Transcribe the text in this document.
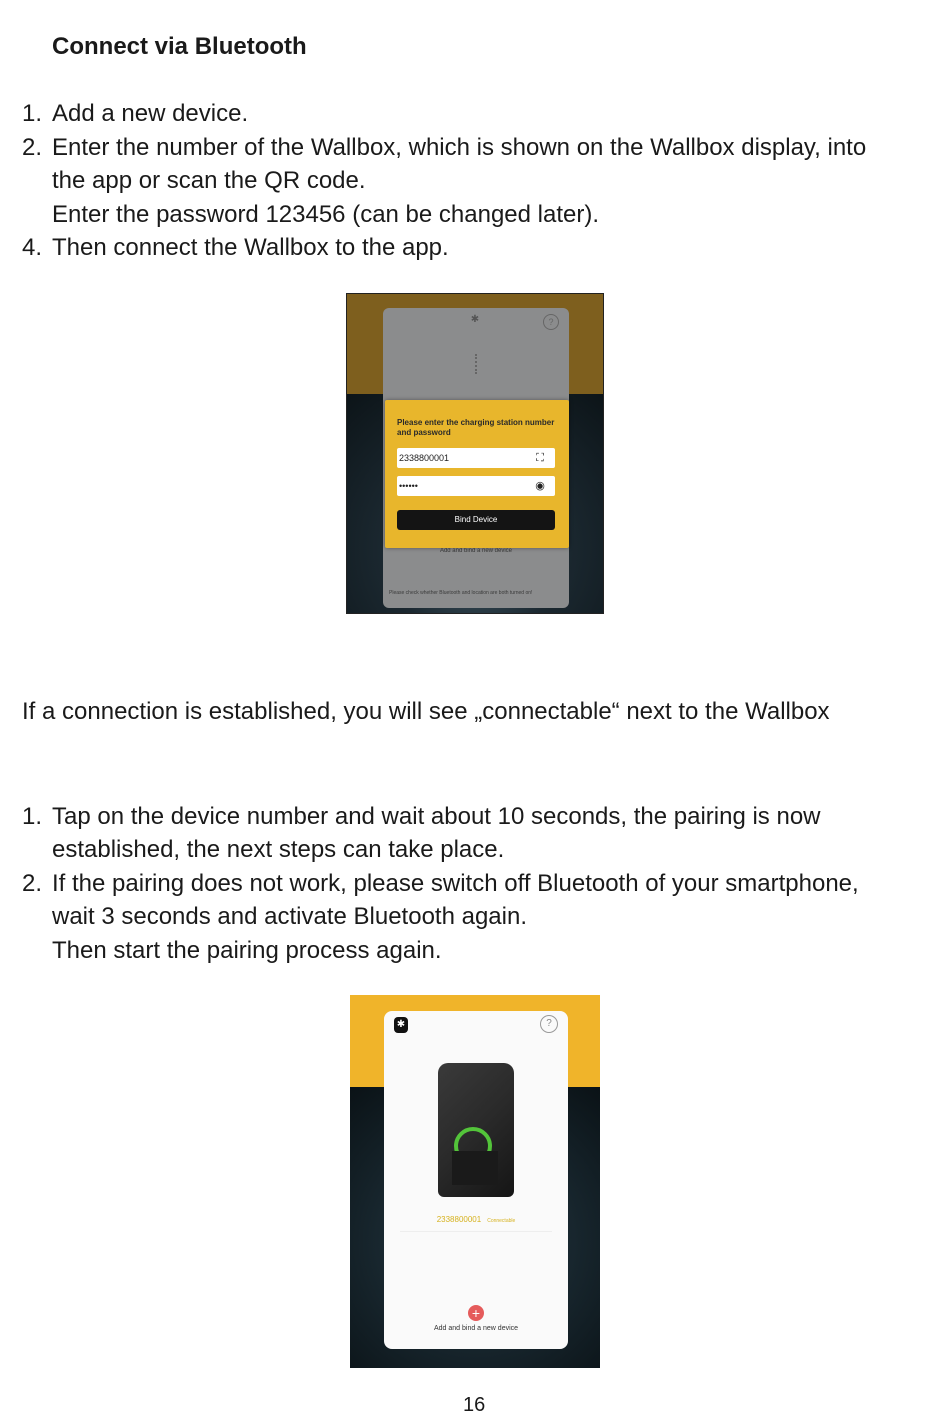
Connect via Bluetooth
1. Add a new device.
2. Enter the number of the Wallbox, which is shown on the Wallbox display, into
the app or scan the QR code.
Enter the password 123456 (can be changed later).
4. Then connect the Wallbox to the app.
✱	?
Add and bind a new device
Please check whether Bluetooth and location are both turned on!
Please enter the charging station number and password
2338800001	⛶
••••••	◉
Bind Device
If a connection is established, you will see „connectable“ next to the Wallbox
1. Tap on the device number and wait about 10 seconds, the pairing is now
established, the next steps can take place.
2. If the pairing does not work, please switch off Bluetooth of your smartphone,
wait 3 seconds and activate Bluetooth again.
Then start the pairing process again.
✱	?
2338800001 Connectable
+
Add and bind a new device
16
